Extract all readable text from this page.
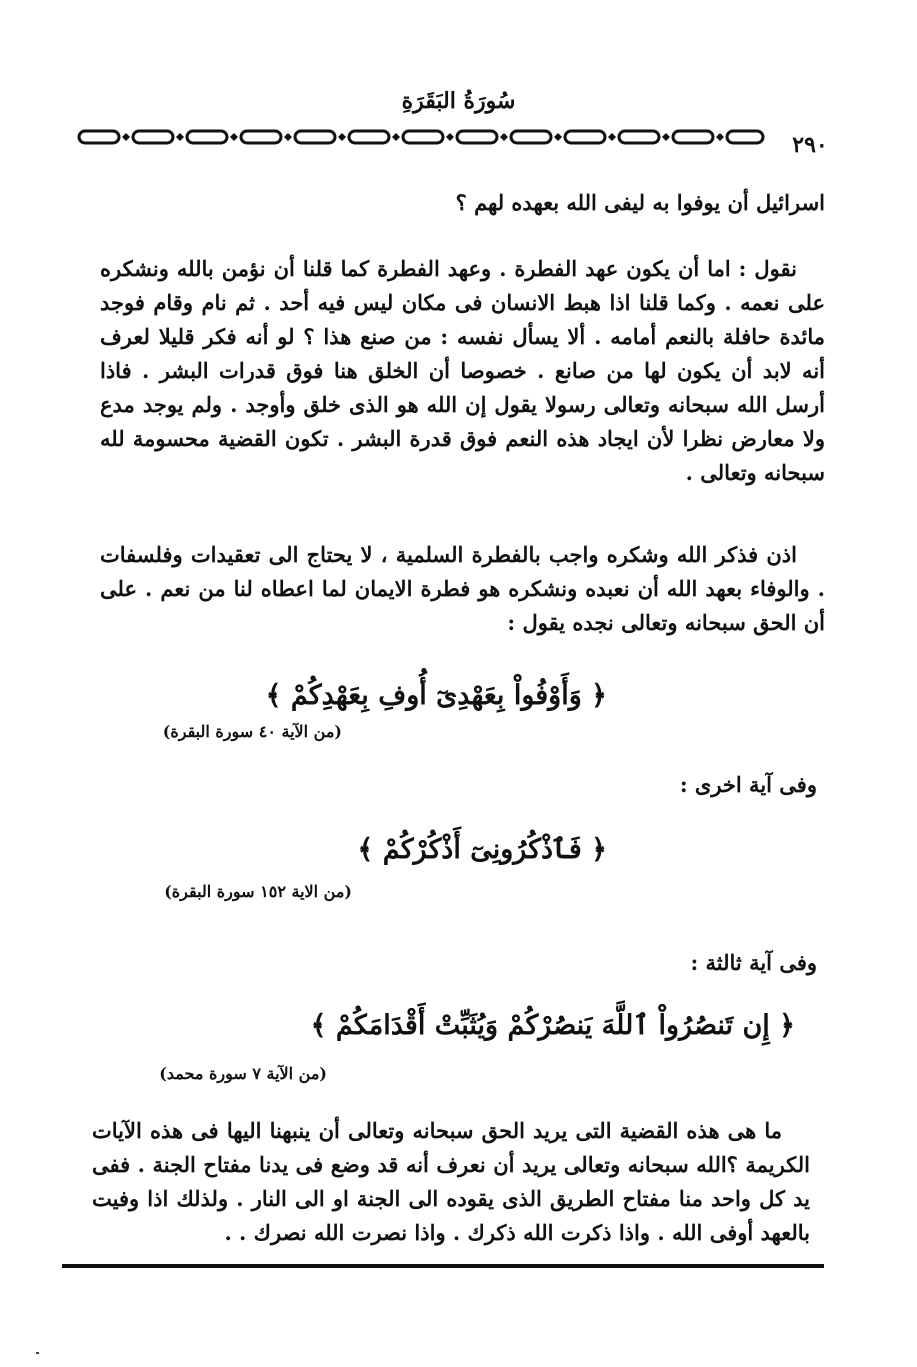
سُورَةُ البَقَرَةِ
٢٩٠

اسرائيل أن يوفوا به ليفى الله بعهده لهم ؟

نقول : اما أن يكون عهد الفطرة . وعهد الفطرة كما قلنا أن نؤمن بالله ونشكره على نعمه . وكما قلنا اذا هبط الانسان فى مكان ليس فيه أحد . ثم نام وقام فوجد مائدة حافلة بالنعم أمامه . ألا يسأل نفسه : من صنع هذا ؟ لو أنه فكر قليلا لعرف أنه لابد أن يكون لها من صانع . خصوصا أن الخلق هنا فوق قدرات البشر . فاذا أرسل الله سبحانه وتعالى رسولا يقول إن الله هو الذى خلق وأوجد . ولم يوجد مدع ولا معارض نظرا لأن ايجاد هذه النعم فوق قدرة البشر . تكون القضية محسومة لله سبحانه وتعالى .

اذن فذكر الله وشكره واجب بالفطرة السلمية ، لا يحتاج الى تعقيدات وفلسفات . والوفاء بعهد الله أن نعبده ونشكره هو فطرة الايمان لما اعطاه لنا من نعم . على أن الحق سبحانه وتعالى نجده يقول :

﴿ وَأَوْفُواْ بِعَهْدِىٓ أُوفِ بِعَهْدِكُمْ ﴾
(من الآية ٤٠ سورة البقرة)
وفى آية اخرى :
﴿ فَٱذْكُرُونِىٓ أَذْكُرْكُمْ ﴾
(من الاية ١٥٢ سورة البقرة)
وفى آية ثالثة :
﴿ إِن تَنصُرُواْ ٱللَّهَ يَنصُرْكُمْ وَيُثَبِّتْ أَقْدَامَكُمْ ﴾
(من الآية ٧ سورة محمد)

ما هى هذه القضية التى يريد الحق سبحانه وتعالى أن ينبهنا اليها فى هذه الآيات الكريمة ؟الله سبحانه وتعالى يريد أن نعرف أنه قد وضع فى يدنا مفتاح الجنة . ففى يد كل واحد منا مفتاح الطريق الذى يقوده الى الجنة او الى النار . ولذلك اذا وفيت بالعهد أوفى الله . واذا ذكرت الله ذكرك . واذا نصرت الله نصرك . .
